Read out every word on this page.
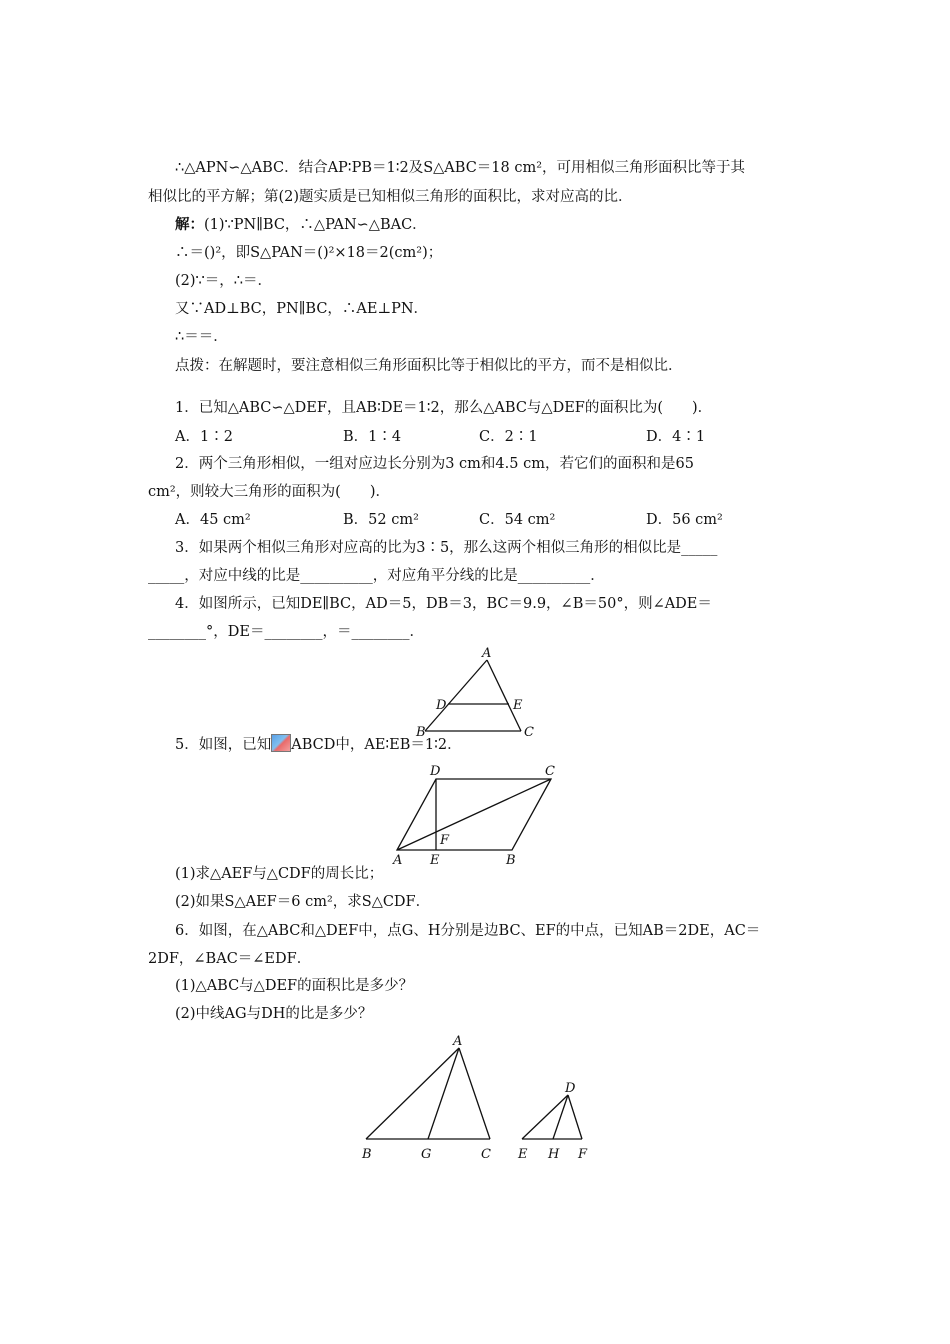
∴△APN∽△ABC．结合AP∶PB＝1∶2及S△ABC＝18 cm²，可用相似三角形面积比等于其
相似比的平方解；第(2)题实质是已知相似三角形的面积比，求对应高的比．
解：(1)∵PN∥BC，∴△PAN∽△BAC．
∴＝()²，即S△PAN＝()²×18＝2(cm²)；
(2)∵＝，∴＝．
又∵AD⊥BC，PN∥BC，∴AE⊥PN．
∴＝＝．
点拨：在解题时，要注意相似三角形面积比等于相似比的平方，而不是相似比．
1．已知△ABC∽△DEF，且AB∶DE＝1∶2，那么△ABC与△DEF的面积比为(　　)．
A．1∶2	B．1∶4	C．2∶1	D．4∶1
2．两个三角形相似，一组对应边长分别为3 cm和4.5 cm，若它们的面积和是65
cm²，则较大三角形的面积为(　　)．
A．45 cm²	B．52 cm²	C．54 cm²	D．56 cm²
3．如果两个相似三角形对应高的比为3∶5，那么这两个相似三角形的相似比是_____
_____，对应中线的比是__________，对应角平分线的比是__________．
4．如图所示，已知DE∥BC，AD＝5，DB＝3，BC＝9.9，∠B＝50°，则∠ADE＝
________°，DE＝________，＝________．
A
D	E
B	C
5．如图，已知 ABCD中，AE∶EB＝1∶2．
D	C
F
A E	B
(1)求△AEF与△CDF的周长比；
(2)如果S△AEF＝6 cm²，求S△CDF．
6．如图，在△ABC和△DEF中，点G、H分别是边BC、EF的中点，已知AB＝2DE，AC＝
2DF，∠BAC＝∠EDF．
(1)△ABC与△DEF的面积比是多少？
(2)中线AG与DH的比是多少？
A
B	G	C
D
E H F
